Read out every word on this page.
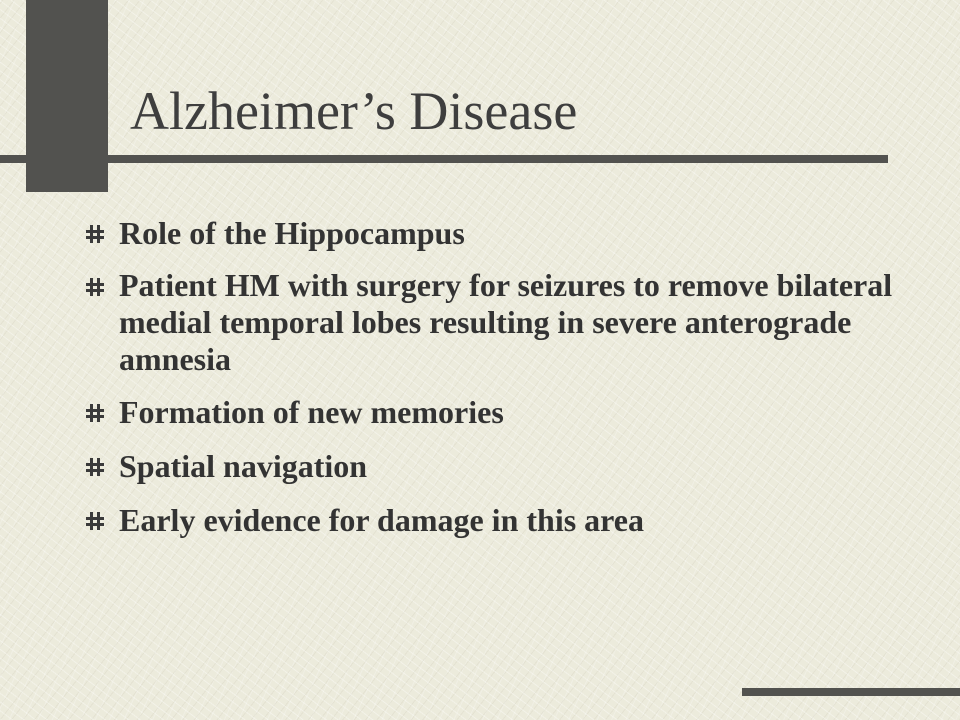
Alzheimer’s Disease
Role of the Hippocampus
Patient HM with surgery for seizures to remove bilateral medial temporal lobes resulting in severe anterograde amnesia
Formation of new memories
Spatial navigation
Early evidence for damage in this area
